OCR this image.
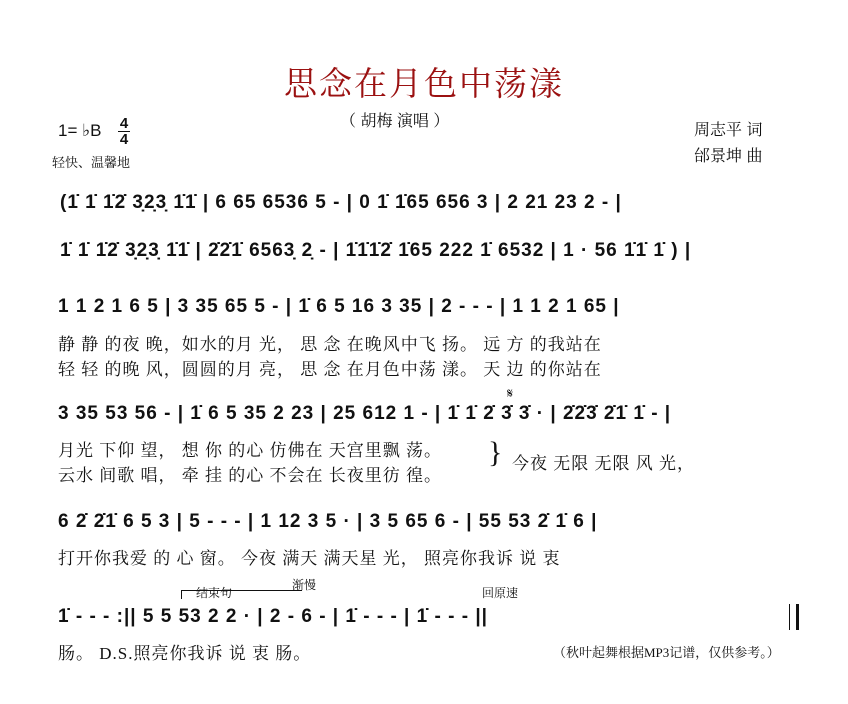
思念在月色中荡漾
（ 胡梅 演唱 ）
周志平 词
邰景坤 曲
1= ♭B 4
4
轻快、温馨地
(1̇ 1̇ 1̇2̇ 3̣2̣3̣ 1̇1̇ | 6 65 6536 5 - | 0 1̇ 1̇65 656 3 | 2 21 23 2 - |
1̇ 1̇ 1̇2̇ 3̣2̣3̣ 1̇1̇ | 2̇2̇1̇ 6563̣ 2̣ - | 1̇1̇1̇2̇ 1̇65 222 1̇ 6532 | 1 · 56 1̇1̇ 1̇ ) |
1 1 2 1 6 5 | 3 35 65 5 - | 1̇ 6 5 16 3 35 | 2 - - - | 1 1 2 1 65 |
静 静 的夜 晚，如水的月 光， 思 念 在晚风中飞 扬。 远 方 的我站在
轻 轻 的晚 风，圆圆的月 亮， 思 念 在月色中荡 漾。 天 边 的你站在
3 35 53 56 - | 1̇ 6 5 35 2 23 | 25 612 1 - | 1̇ 1̇ 2̇ 3̇ 3̇ · | 2̇2̇3̇ 2̇1̇ 1̇ - |
月光 下仰 望， 想 你 的心 仿佛在 天宫里飘 荡。
云水 间歌 唱， 牵 挂 的心 不会在 长夜里彷 徨。
} 今夜 无限 无限 风 光，
𝄋
6 2̇ 2̇1̇ 6 5 3 | 5 - - - | 1 12 3 5 · | 3 5 65 6 - | 55 53 2̇ 1̇ 6 |
打开你我爱 的 心 窗。 今夜 满天 满天星 光， 照亮你我诉 说 衷
结束句
渐慢
回原速
1̇ - - - :|| 5 5 53 2 2 · | 2 - 6 - | 1̇ - - - | 1̇ - - - ||
肠。 D.S.照亮你我诉 说 衷 肠。	（秋叶起舞根据MP3记谱，仅供参考。）
